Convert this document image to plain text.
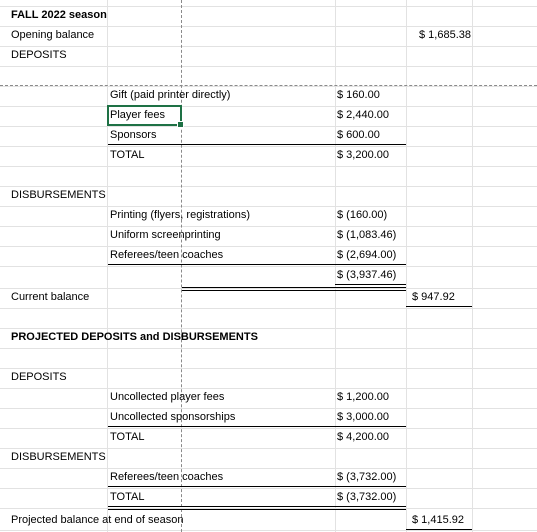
FALL 2022 season
Opening balance	$ 1,685.38
DEPOSITS
Gift (paid printer directly)	$ 160.00
Player fees	$ 2,440.00
Sponsors	$ 600.00
TOTAL	$ 3,200.00
DISBURSEMENTS
Printing (flyers, registrations)	$ (160.00)
Uniform screenprinting	$ (1,083.46)
Referees/teen coaches	$ (2,694.00)
$ (3,937.46)
Current balance	$ 947.92
PROJECTED DEPOSITS and DISBURSEMENTS
DEPOSITS
Uncollected player fees	$ 1,200.00
Uncollected sponsorships	$ 3,000.00
TOTAL	$ 4,200.00
DISBURSEMENTS
Referees/teen coaches	$ (3,732.00)
TOTAL	$ (3,732.00)
Projected balance at end of season	$ 1,415.92
